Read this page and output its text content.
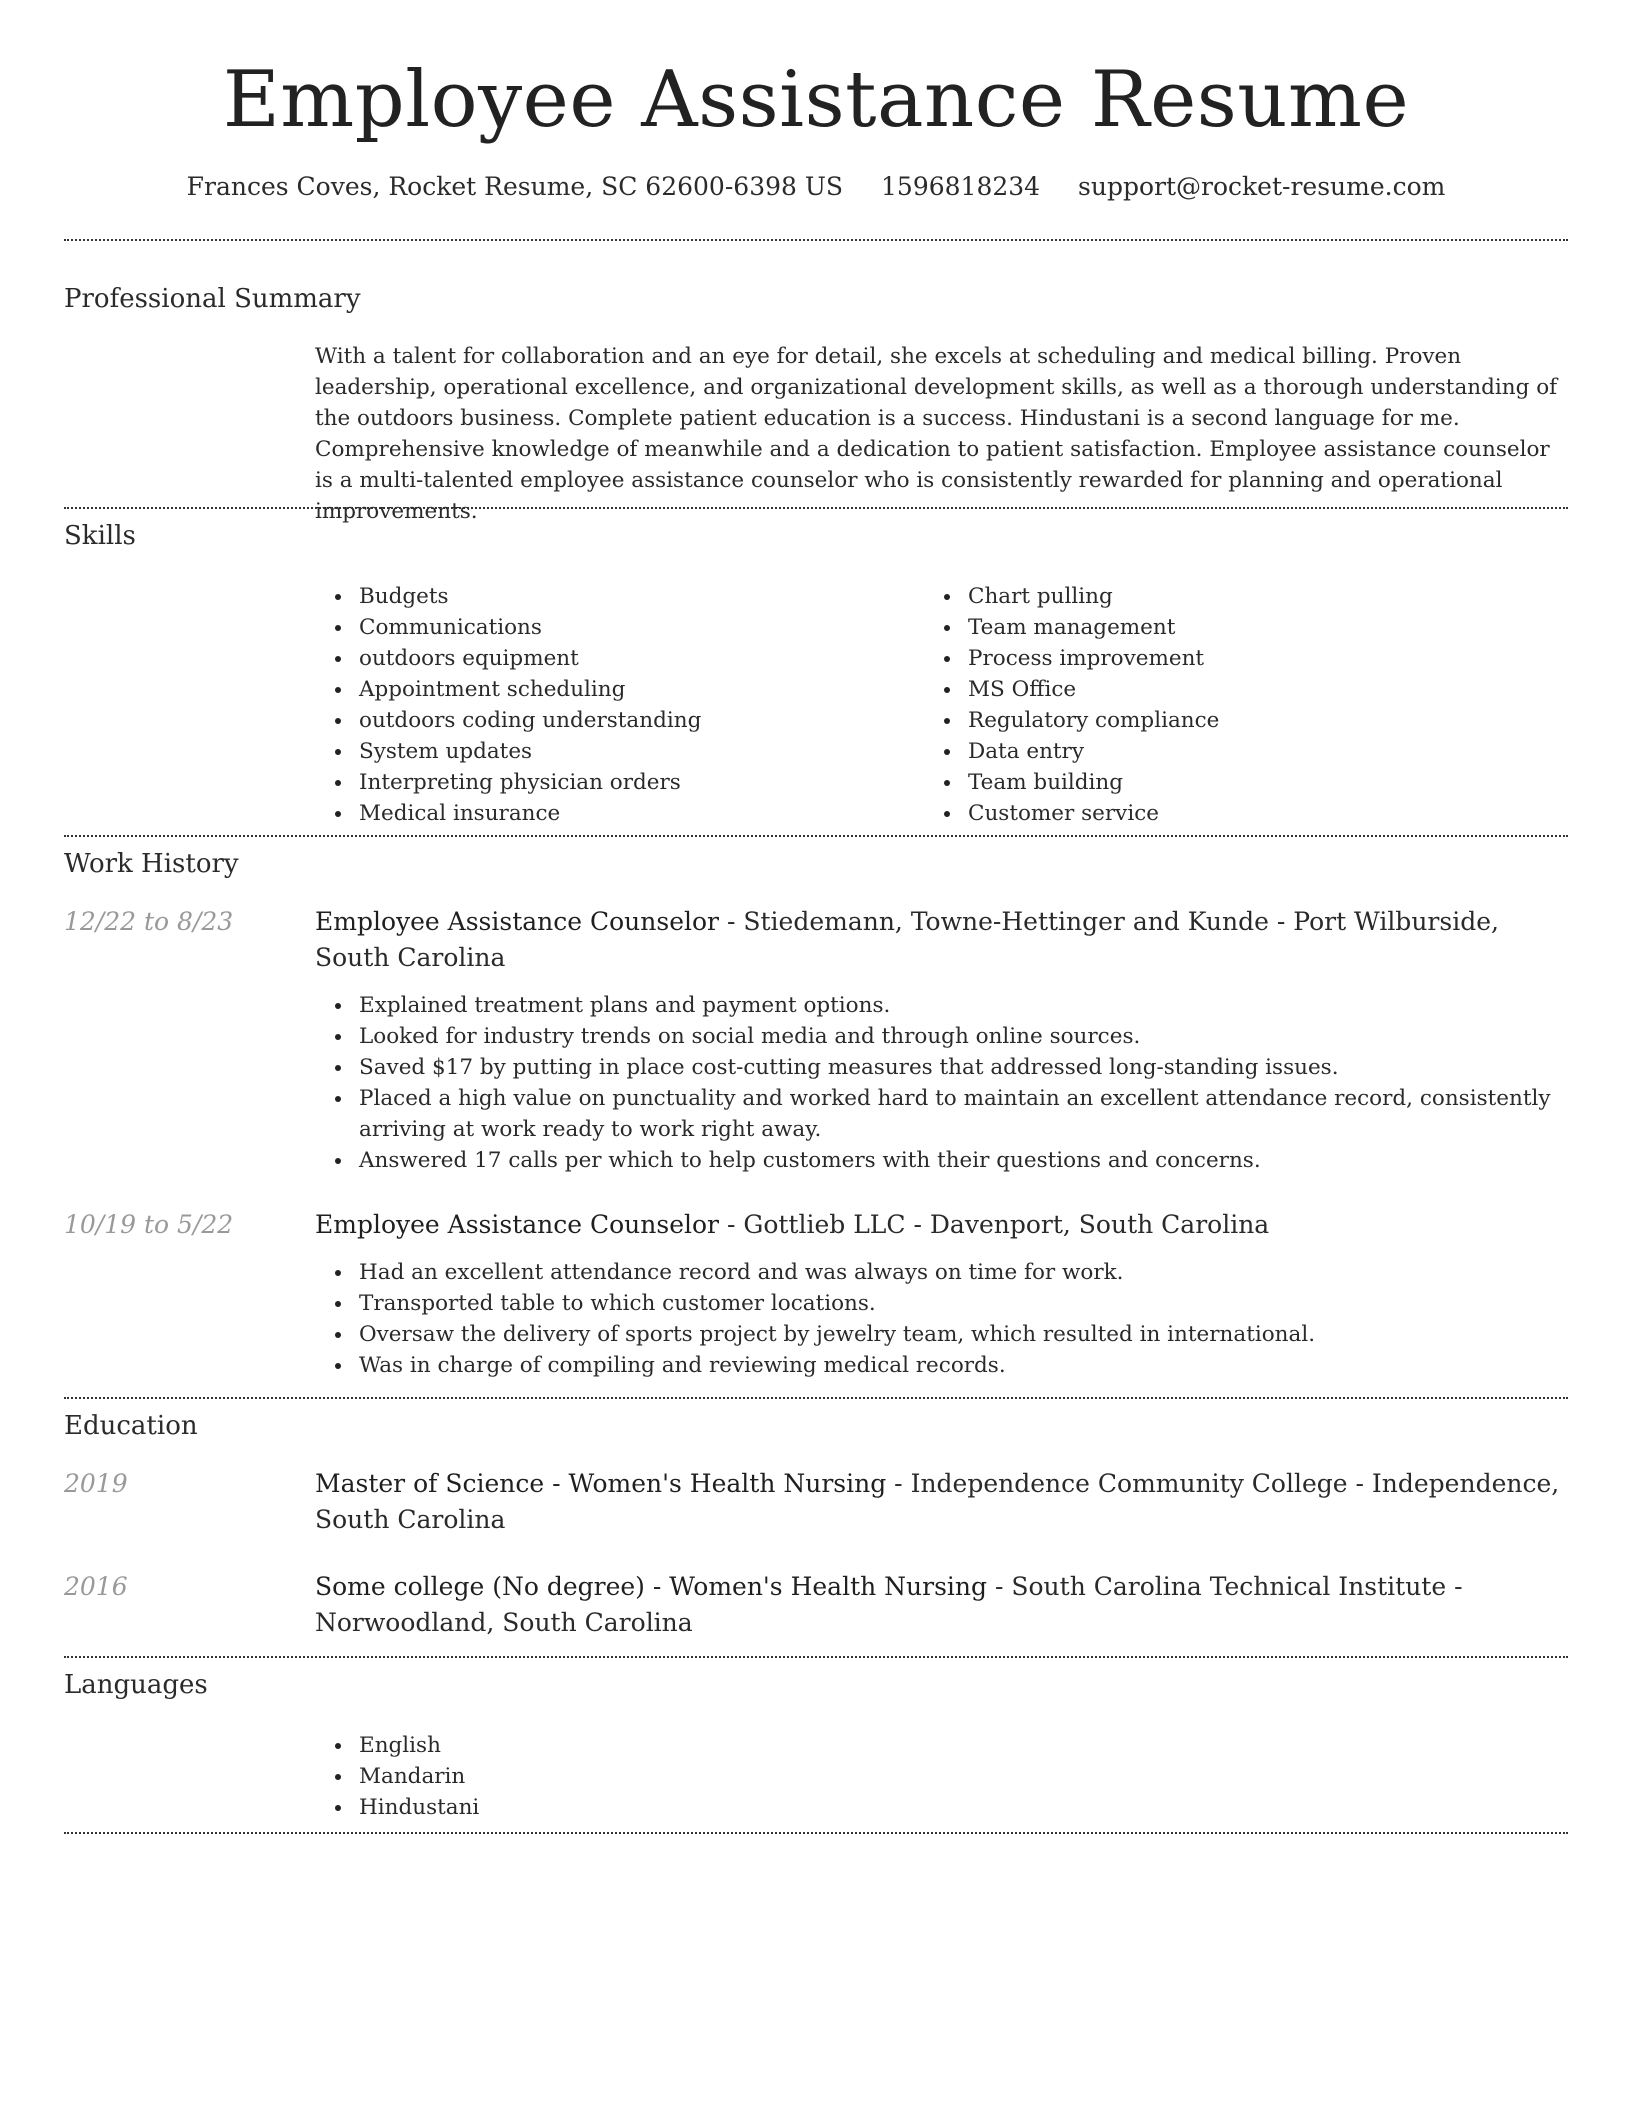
Employee Assistance Resume
Frances Coves, Rocket Resume, SC 62600-6398 US 1596818234 support@rocket-resume.com
Professional Summary

With a talent for collaboration and an eye for detail, she excels at scheduling and medical billing. Proven leadership, operational excellence, and organizational development skills, as well as a thorough understanding of the outdoors business. Complete patient education is a success. Hindustani is a second language for me. Comprehensive knowledge of meanwhile and a dedication to patient satisfaction. Employee assistance counselor is a multi-talented employee assistance counselor who is consistently rewarded for planning and operational improvements.

Skills
Budgets
Communications
outdoors equipment
Appointment scheduling
outdoors coding understanding
System updates
Interpreting physician orders
Medical insurance
Chart pulling
Team management
Process improvement
MS Office
Regulatory compliance
Data entry
Team building
Customer service
Work History
12/22 to 8/23	Employee Assistance Counselor - Stiedemann, Towne-Hettinger and Kunde - Port Wilburside, South Carolina
Explained treatment plans and payment options.
Looked for industry trends on social media and through online sources.
Saved $17 by putting in place cost-cutting measures that addressed long-standing issues.
Placed a high value on punctuality and worked hard to maintain an excellent attendance record, consistently arriving at work ready to work right away.
Answered 17 calls per which to help customers with their questions and concerns.
10/19 to 5/22	Employee Assistance Counselor - Gottlieb LLC - Davenport, South Carolina
Had an excellent attendance record and was always on time for work.
Transported table to which customer locations.
Oversaw the delivery of sports project by jewelry team, which resulted in international.
Was in charge of compiling and reviewing medical records.
Education
2019	Master of Science - Women's Health Nursing - Independence Community College - Independence, South Carolina
2016	Some college (No degree) - Women's Health Nursing - South Carolina Technical Institute - Norwoodland, South Carolina
Languages
English
Mandarin
Hindustani
